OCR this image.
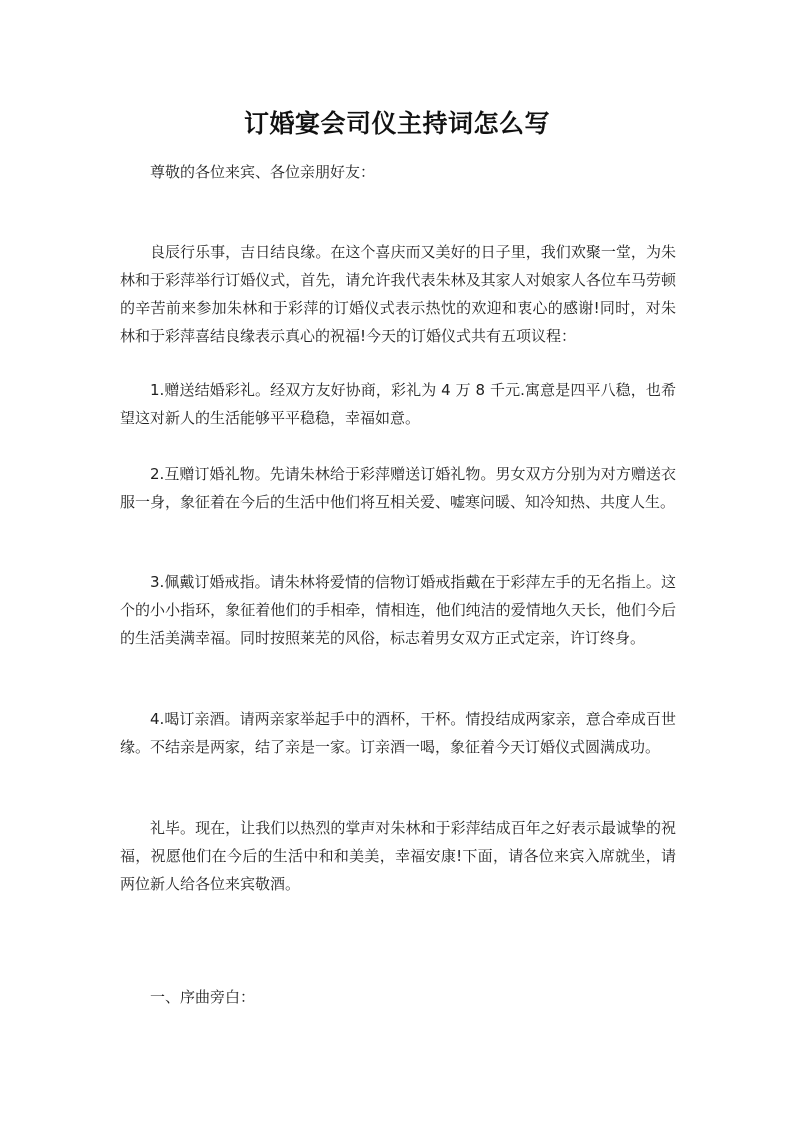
订婚宴会司仪主持词怎么写

尊敬的各位来宾、各位亲朋好友：

良辰行乐事，吉日结良缘。在这个喜庆而又美好的日子里，我们欢聚一堂，为朱林和于彩萍举行订婚仪式，首先，请允许我代表朱林及其家人对娘家人各位车马劳顿的辛苦前来参加朱林和于彩萍的订婚仪式表示热忱的欢迎和衷心的感谢!同时，对朱林和于彩萍喜结良缘表示真心的祝福!今天的订婚仪式共有五项议程：

1.赠送结婚彩礼。经双方友好协商，彩礼为 4 万 8 千元.寓意是四平八稳，也希望这对新人的生活能够平平稳稳，幸福如意。

2.互赠订婚礼物。先请朱林给于彩萍赠送订婚礼物。男女双方分别为对方赠送衣服一身，象征着在今后的生活中他们将互相关爱、嘘寒问暖、知冷知热、共度人生。

3.佩戴订婚戒指。请朱林将爱情的信物订婚戒指戴在于彩萍左手的无名指上。这个的小小指环，象征着他们的手相牵，情相连，他们纯洁的爱情地久天长，他们今后的生活美满幸福。同时按照莱芜的风俗，标志着男女双方正式定亲，许订终身。

4.喝订亲酒。请两亲家举起手中的酒杯，干杯。情投结成两家亲，意合牵成百世缘。不结亲是两家，结了亲是一家。订亲酒一喝，象征着今天订婚仪式圆满成功。

礼毕。现在，让我们以热烈的掌声对朱林和于彩萍结成百年之好表示最诚挚的祝福，祝愿他们在今后的生活中和和美美，幸福安康!下面，请各位来宾入席就坐，请两位新人给各位来宾敬酒。

一、序曲旁白：
